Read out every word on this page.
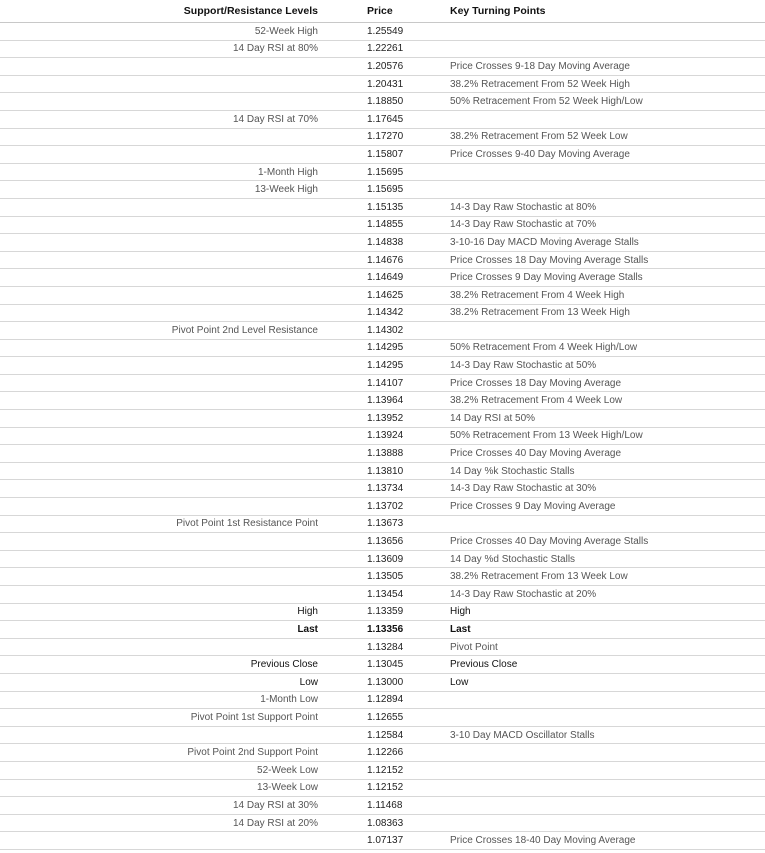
Support/Resistance Levels	Price	Key Turning Points
52-Week High	1.25549	
14 Day RSI at 80%	1.22261	
	1.20576	Price Crosses 9-18 Day Moving Average
	1.20431	38.2% Retracement From 52 Week High
	1.18850	50% Retracement From 52 Week High/Low
14 Day RSI at 70%	1.17645	
	1.17270	38.2% Retracement From 52 Week Low
	1.15807	Price Crosses 9-40 Day Moving Average
1-Month High	1.15695	
13-Week High	1.15695	
	1.15135	14-3 Day Raw Stochastic at 80%
	1.14855	14-3 Day Raw Stochastic at 70%
	1.14838	3-10-16 Day MACD Moving Average Stalls
	1.14676	Price Crosses 18 Day Moving Average Stalls
	1.14649	Price Crosses 9 Day Moving Average Stalls
	1.14625	38.2% Retracement From 4 Week High
	1.14342	38.2% Retracement From 13 Week High
Pivot Point 2nd Level Resistance	1.14302	
	1.14295	50% Retracement From 4 Week High/Low
	1.14295	14-3 Day Raw Stochastic at 50%
	1.14107	Price Crosses 18 Day Moving Average
	1.13964	38.2% Retracement From 4 Week Low
	1.13952	14 Day RSI at 50%
	1.13924	50% Retracement From 13 Week High/Low
	1.13888	Price Crosses 40 Day Moving Average
	1.13810	14 Day %k Stochastic Stalls
	1.13734	14-3 Day Raw Stochastic at 30%
	1.13702	Price Crosses 9 Day Moving Average
Pivot Point 1st Resistance Point	1.13673	
	1.13656	Price Crosses 40 Day Moving Average Stalls
	1.13609	14 Day %d Stochastic Stalls
	1.13505	38.2% Retracement From 13 Week Low
	1.13454	14-3 Day Raw Stochastic at 20%
High	1.13359	High
Last	1.13356	Last
	1.13284	Pivot Point
Previous Close	1.13045	Previous Close
Low	1.13000	Low
1-Month Low	1.12894	
Pivot Point 1st Support Point	1.12655	
	1.12584	3-10 Day MACD Oscillator Stalls
Pivot Point 2nd Support Point	1.12266	
52-Week Low	1.12152	
13-Week Low	1.12152	
14 Day RSI at 30%	1.11468	
14 Day RSI at 20%	1.08363	
	1.07137	Price Crosses 18-40 Day Moving Average
